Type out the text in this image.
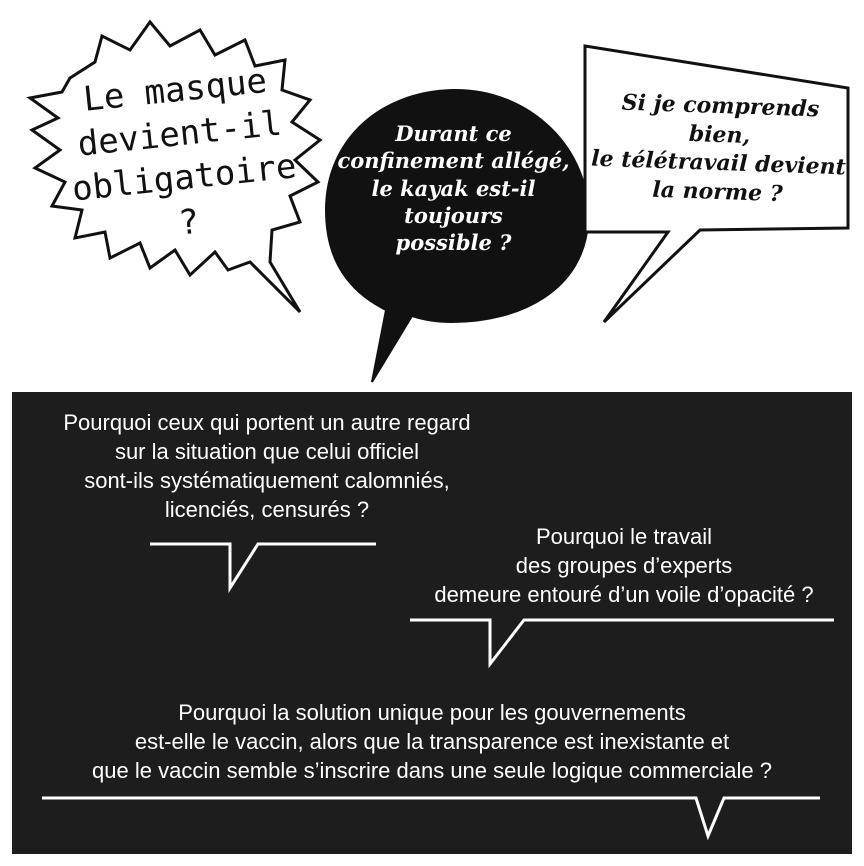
Le masque
devient-il
obligatoire ?
Durant ce
confinement allégé,
le kayak est-il
toujours
possible ?
Si je comprends bien,
le télétravail devient
la norme ?
Pourquoi ceux qui portent un autre regard
sur la situation que celui officiel
sont-ils systématiquement calomniés,
licenciés, censurés ?
Pourquoi le travail
des groupes d’experts
demeure entouré d’un voile d’opacité ?
Pourquoi la solution unique pour les gouvernements
est-elle le vaccin, alors que la transparence est inexistante et
que le vaccin semble s’inscrire dans une seule logique commerciale ?
